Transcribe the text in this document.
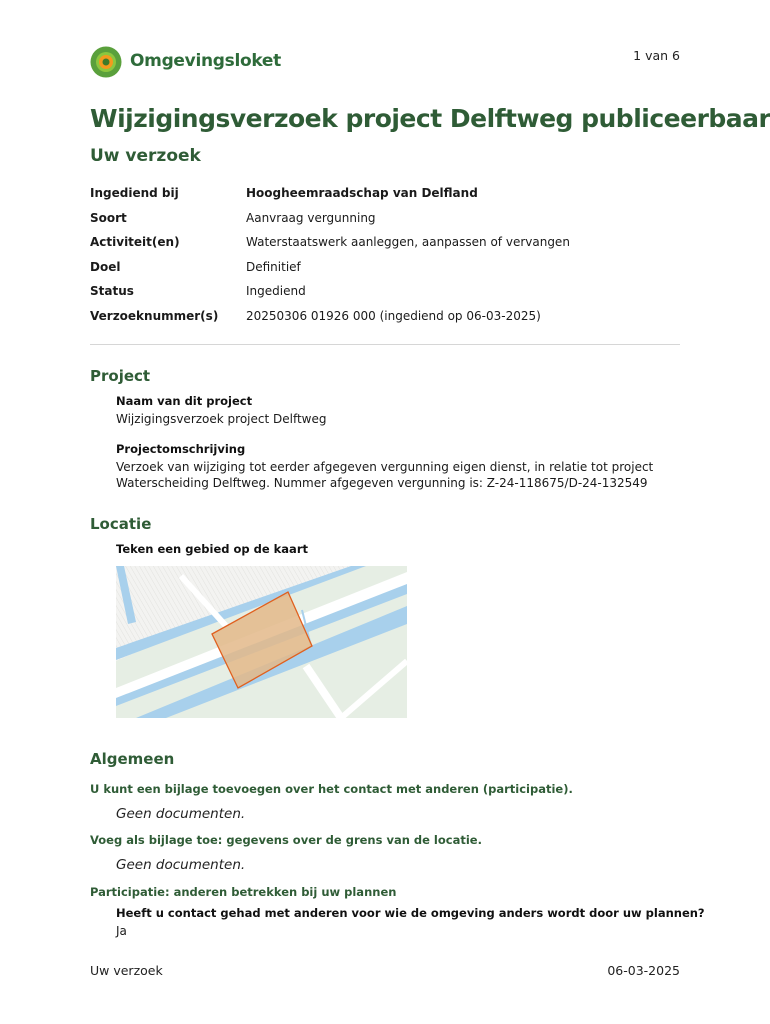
Omgevingsloket	1 van 6
Wijzigingsverzoek project Delftweg publiceerbaar
Uw verzoek
Ingediend bij	Hoogheemraadschap van Delfland
Soort	Aanvraag vergunning
Activiteit(en)	Waterstaatswerk aanleggen, aanpassen of vervangen
Doel	Definitief
Status	Ingediend
Verzoeknummer(s) 20250306 01926 000 (ingediend op 06-03-2025)
Project
Naam van dit project
Wijzigingsverzoek project Delftweg
Projectomschrijving
Verzoek van wijziging tot eerder afgegeven vergunning eigen dienst, in relatie tot project
Waterscheiding Delftweg. Nummer afgegeven vergunning is: Z-24-118675/D-24-132549
Locatie
Teken een gebied op de kaart
Algemeen
U kunt een bijlage toevoegen over het contact met anderen (participatie).
Geen documenten.
Voeg als bijlage toe: gegevens over de grens van de locatie.
Geen documenten.
Participatie: anderen betrekken bij uw plannen
Heeft u contact gehad met anderen voor wie de omgeving anders wordt door uw plannen?
Ja
Uw verzoek	06-03-2025
